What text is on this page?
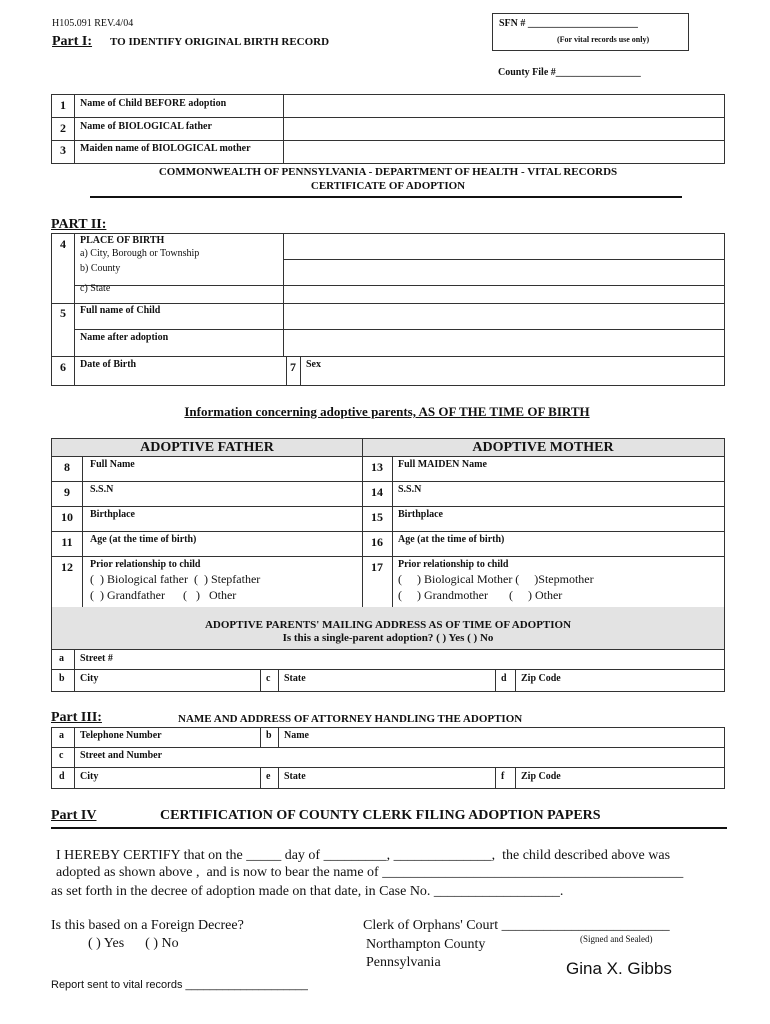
H105.091 REV.4/04
Part I: TO IDENTIFY ORIGINAL BIRTH RECORD
SFN # ______________________
(For vital records use only)
County File #_________________
1	Name of Child BEFORE adoption
2	Name of BIOLOGICAL father
3	Maiden name of BIOLOGICAL mother
COMMONWEALTH OF PENNSYLVANIA - DEPARTMENT OF HEALTH - VITAL RECORDS
CERTIFICATE OF ADOPTION
PART II:
4	PLACE OF BIRTH
a) City, Borough or Township
b) County
c) State
5	Full name of Child
Name after adoption
6	Date of Birth	7	Sex
Information concerning adoptive parents, AS OF THE TIME OF BIRTH
ADOPTIVE FATHER	ADOPTIVE MOTHER
8	Full Name
9	S.S.N
10	Birthplace
11	Age (at the time of birth)
13	Full MAIDEN Name
14	S.S.N
15	Birthplace
16	Age (at the time of birth)
12	Prior relationship to child
(  ) Biological father  (  ) Stepfather
(  ) Grandfather      (   )   Other
17	Prior relationship to child
(     ) Biological Mother (     )Stepmother
(     ) Grandmother       (     ) Other
ADOPTIVE PARENTS' MAILING ADDRESS AS OF TIME OF ADOPTION
Is this a single-parent adoption? ( ) Yes ( ) No
a Street #
b City	c State	d Zip Code
Part III:	NAME AND ADDRESS OF ATTORNEY HANDLING THE ADOPTION
a Telephone Number	b Name
c Street and Number
d City	e State	f Zip Code
Part IV	CERTIFICATION OF COUNTY CLERK FILING ADOPTION PAPERS
I HEREBY CERTIFY that on the _____ day of _________, ______________,  the child described above was
adopted as shown above ,  and is now to bear the name of ___________________________________________
as set forth in the decree of adoption made on that date, in Case No. __________________.
Is this based on a Foreign Decree?
( ) Yes      ( ) No
Clerk of Orphans' Court ________________________
(Signed and Sealed)
Northampton County
Pennsylvania	Gina X. Gibbs
Report sent to vital records ____________________
